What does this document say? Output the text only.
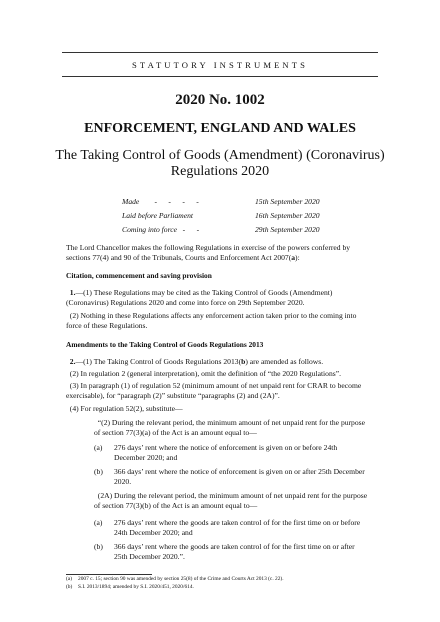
STATUTORY INSTRUMENTS
2020 No. 1002
ENFORCEMENT, ENGLAND AND WALES
The Taking Control of Goods (Amendment) (Coronavirus)
Regulations 2020
Made        -      -      -      -	15th September 2020
Laid before Parliament	16th September 2020
Coming into force   -      -	29th September 2020
The Lord Chancellor makes the following Regulations in exercise of the powers conferred by
sections 77(4) and 90 of the Tribunals, Courts and Enforcement Act 2007(a):
Citation, commencement and saving provision
1.—(1) These Regulations may be cited as the Taking Control of Goods (Amendment)
(Coronavirus) Regulations 2020 and come into force on 29th September 2020.
(2) Nothing in these Regulations affects any enforcement action taken prior to the coming into
force of these Regulations.
Amendments to the Taking Control of Goods Regulations 2013
2.—(1) The Taking Control of Goods Regulations 2013(b) are amended as follows.
(2) In regulation 2 (general interpretation), omit the definition of “the 2020 Regulations”.
(3) In paragraph (1) of regulation 52 (minimum amount of net unpaid rent for CRAR to become
exercisable), for “paragraph (2)” substitute “paragraphs (2) and (2A)”.
(4) For regulation 52(2), substitute—
“(2) During the relevant period, the minimum amount of net unpaid rent for the purpose
of section 77(3)(a) of the Act is an amount equal to—
(a) 276 days’ rent where the notice of enforcement is given on or before 24th
December 2020; and
(b) 366 days’ rent where the notice of enforcement is given on or after 25th December
2020.
(2A) During the relevant period, the minimum amount of net unpaid rent for the purpose
of section 77(3)(b) of the Act is an amount equal to—
(a) 276 days’ rent where the goods are taken control of for the first time on or before
24th December 2020; and
(b) 366 days’ rent where the goods are taken control of for the first time on or after
25th December 2020.”.
(a) 2007 c. 15; section 90 was amended by section 25(8) of the Crime and Courts Act 2013 (c. 22).
(b) S.I. 2013/1894; amended by S.I. 2020/451, 2020/614.
